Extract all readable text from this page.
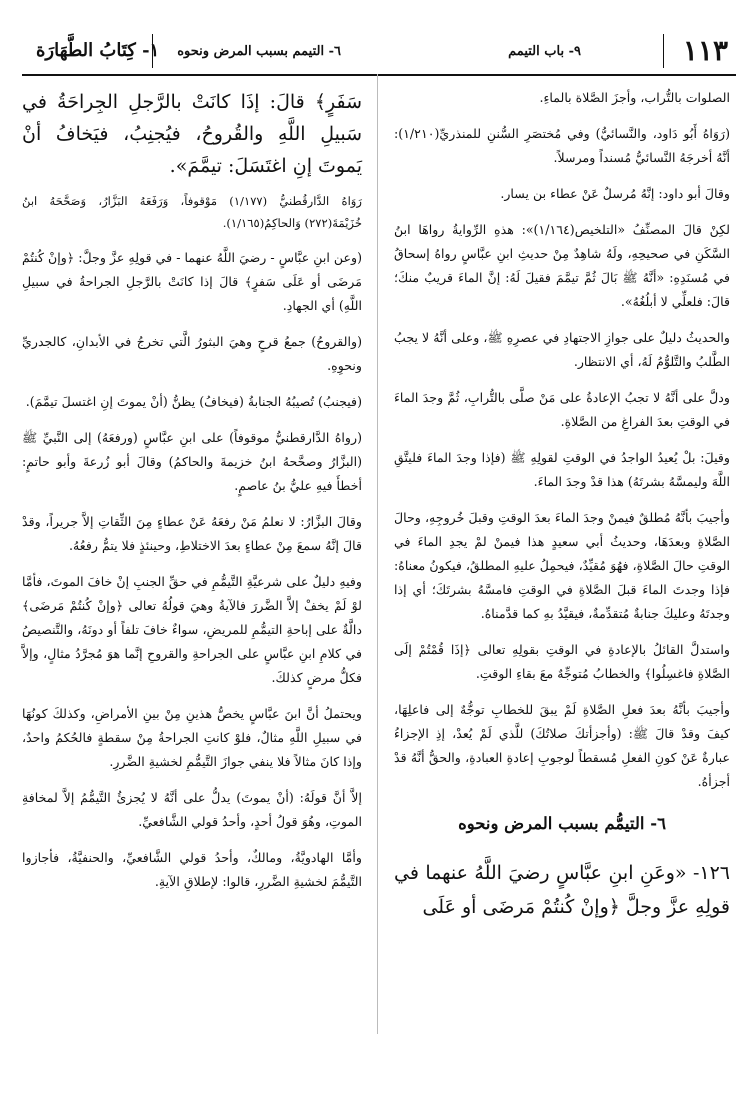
١١٣
٩- باب التيمم
٦- التيمم بسبب المرض ونحوه
١- كِتَابُ الطَّهَارَة

الصلوات بالتُّراب، وأجزَ الصَّلاة بالماءِ.

(رَوَاهُ أَبُو دَاود، والنَّسائيُّ) وفي مُختصَرِ السُّننِ للمنذريِّ(١/٢١٠): أنَّهُ أخرجَهُ النَّسائيُّ مُسنداً ومرسلاً.

وقالَ أبو داود: إنَّهُ مُرسلٌ عَنْ عطاء بن يسار.

لكِنْ قالَ المصنِّفُ «التلخيص(١/١٦٤)»: هذهِ الرِّوايةُ رواهَا ابنُ السَّكَنِ في صحيحِهِ، ولَهُ شاهِدٌ مِنْ حديثِ ابنِ عبَّاسٍ رواهُ إسحاقُ في مُسنَدِهِ: «أنَّهُ ﷺ بَالَ ثُمَّ تيمَّمَ فقيلَ لَهُ: إنَّ الماءَ قريبٌ منكَ؛ قالَ: فلعلِّي لا أبلُغُهُ».

والحديثُ دليلٌ على جوازِ الاجتهادِ في عصرِهِ ﷺ، وعلى أنَّهُ لا يجبُ الطَّلبُ والتَّلوُّمُ لَهُ، أي الانتظار.

ودلَّ على أنَّهُ لا تجبُ الإعادةُ على مَنْ صلَّى بالتُّرابِ، ثُمَّ وجدَ الماءَ في الوقتِ بعدَ الفراغِ من الصَّلاةِ.

وقيلَ: بلْ يُعيدُ الواجدُ في الوقتِ لقولِهِ ﷺ (فإذا وجدَ الماءَ فليتَّقِ اللَّهَ وليمسَّهُ بشرتَهُ) هذا قدْ وجدَ الماءَ.

وأجيبَ بأنَّهُ مُطلقٌ فيمنْ وجدَ الماءَ بعدَ الوقتِ وقبلَ خُروجِهِ، وحالَ الصَّلاةِ وبعدَهَا، وحديثُ أبي سعيدٍ هذا فيمنْ لمْ يجدِ الماءَ في الوقتِ حالَ الصَّلاةِ، فهُوَ مُقيِّدٌ، فيحمِلُ عليهِ المطلقُ، فيكونُ معناهُ: فإذا وجدتَ الماءَ قبلَ الصَّلاةِ في الوقتِ فامسَّهُ بشرتَكَ؛ أي إذا وجدتَهُ وعليكَ جنابةٌ مُتقدِّمةٌ، فيقيَّدُ بهِ كما قدَّمناهُ.

واستدلَّ القائلُ بالإعادةِ في الوقتِ بقولِهِ تعالى ﴿إذَا قُمْتُمْ إلَى الصَّلاةِ فاغسِلُوا﴾ والخطابُ مُتوجِّهٌ معَ بقاءِ الوقتِ.

وأجيبَ بأنَّهُ بعدَ فعلِ الصَّلاةِ لَمْ يبقَ للخطابِ توجُّهٌ إلى فاعلِهَا، كيفَ وقدْ قالَ ﷺ: (وأجزأتكَ صلاتُكَ) للَّذي لَمْ يُعدْ، إذِ الإجزاءُ عبارةٌ عَنْ كونِ الفعلِ مُسقطاً لوجوبِ إعادةِ العبادةِ، والحقُّ أنَّهُ قدْ أجزأهُ.

٦- التيمُّم بسبب المرض ونحوه

١٢٦- «وعَنِ ابنِ عبَّاسٍ رضيَ اللَّهُ عنهما في قولِهِ عزَّ وجلَّ ﴿وإنْ كُنتُمْ مَرضَى أو عَلَى

سَفَرٍ﴾ قالَ: إذَا كانَتْ بالرَّجلِ الجِراحَةُ في سَبيلِ اللَّهِ والقُروحُ، فيُجنِبُ، فيَخافُ أنْ يَموتَ إنِ اغتَسَلَ: تيمَّمَ».

رَوَاهُ الدَّارقُطنيُّ (١/١٧٧) مَوْقوفاً، وَرَفَعَهُ البَزَّارُ، وَصَحَّحَهُ ابنُ خُزَيْمَةَ(٢٧٢) وَالحاكِمُ(١/١٦٥).

(وعن ابنِ عبَّاسٍ - رضيَ اللَّهُ عنهما - في قولِهِ عزَّ وجلَّ: ﴿وإنْ كُنتُمْ مَرضَى أو عَلَى سَفرٍ﴾ قالَ إذا كانَتْ بالرَّجلِ الجراحةُ في سبيلِ اللَّهِ) أي الجهادِ.

(والقروحُ) جمعُ قرحٍ وهيَ البثورُ الَّتي تخرجُ في الأبدانِ، كالجدريِّ ونحوِهِ.

(فيجنبُ) تُصيبُهُ الجنابةُ (فيخافُ) يظنُّ (أنْ يموتَ إنِ اغتسلَ تيمَّمَ).

(رواهُ الدَّارقطنيُّ موقوفاً) على ابنِ عبَّاسٍ (ورفعَهُ) إلى النَّبيِّ ﷺ (البزَّارُ وصحَّحهُ ابنُ خزيمةَ والحاكمُ) وقالَ أبو زُرعةَ وأبو حاتمٍ: أخطأَ فيهِ عليُّ بنُ عاصمٍ.

وقالَ البزَّارُ: لا نعلمُ مَنْ رفعَهُ عَنْ عطاءٍ مِنَ الثِّقاتِ إلاَّ جريراً، وقدْ قالَ إنَّهُ سمعَ مِنْ عطاءٍ بعدَ الاختلاطِ، وحينئذٍ فلا يتمُّ رفعُهُ.

وفيهِ دليلٌ على شرعيَّةِ التَّيمُّمِ في حقِّ الجنبِ إنْ خافَ الموتَ، فأمَّا لوْ لَمْ يخفْ إلاَّ الضَّررَ فالآيةُ وهيَ قولُهُ تعالى ﴿وإنْ كُنتُمْ مَرضَى﴾ دالَّةٌ على إباحةِ التيمُّمِ للمريضِ، سواءٌ خافَ تلفاً أو دونَهُ، والتَّنصيصُ في كلامِ ابنِ عبَّاسٍ على الجراحةِ والقروحِ إنَّما هوَ مُجرَّدُ مثالٍ، وإلاَّ فكلُّ مرضٍ كذلكَ.

ويحتملُ أنَّ ابنَ عبَّاسٍ يخصُّ هذينِ مِنْ بينِ الأمراضِ، وكذلكَ كونُهَا في سبيلِ اللَّهِ مثالٌ، فلوْ كانتِ الجراحةُ مِنْ سقطةٍ فالحُكمُ واحدٌ، وإذا كانَ مثالاً فلا ينفي جوازَ التَّيمُّمِ لخشيةِ الضَّررِ.

إلاَّ أنَّ قولَهُ: (أنْ يموتَ) يدلُّ على أنَّهُ لا يُجزئُ التَّيمُّمُ إلاَّ لمخافةِ الموتِ، وهُوَ قولُ أحدٍ، وأحدُ قولي الشَّافعيِّ.

وأمَّا الهادويَّةُ، ومالكٌ، وأحدُ قولي الشَّافعيِّ، والحنفيَّةُ، فأجازوا التَّيمُّمَ لخشيةِ الضَّررِ، قالوا: لإطلاقِ الآيةِ.
